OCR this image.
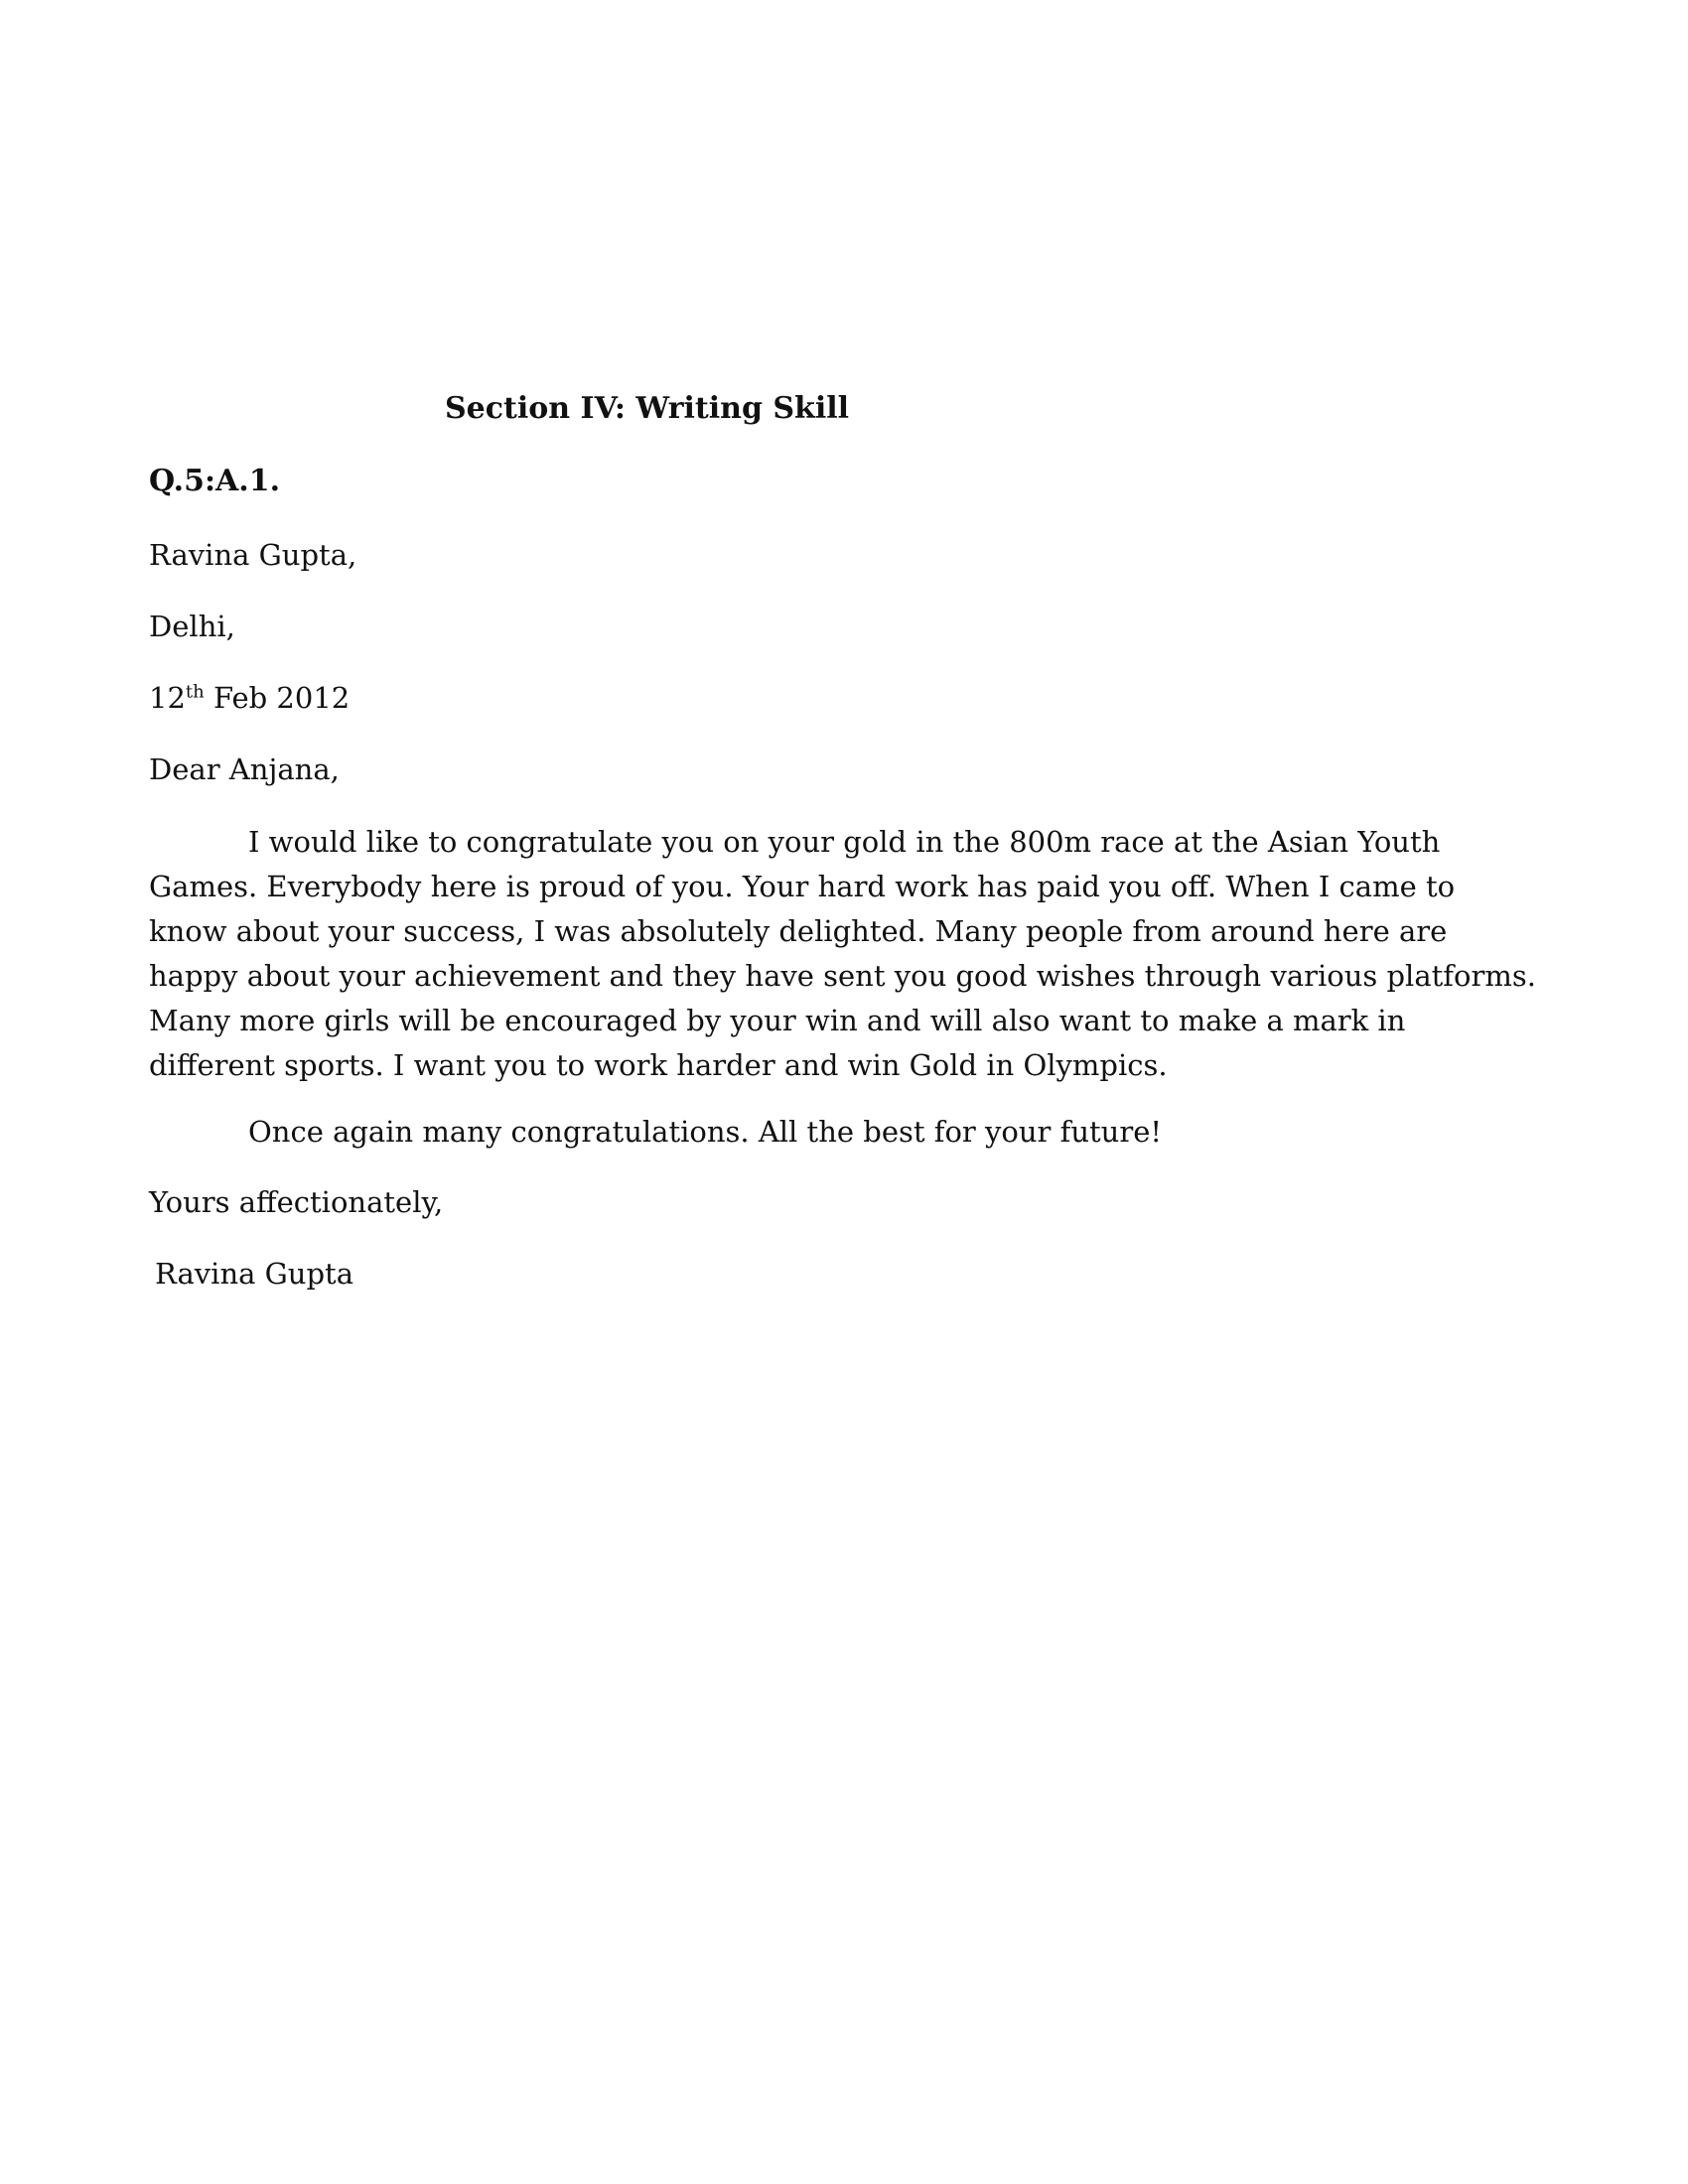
Section IV: Writing Skill
Q.5:A.1.
Ravina Gupta,
Delhi,
12th Feb 2012
Dear Anjana,
I would like to congratulate you on your gold in the 800m race at the Asian Youth Games. Everybody here is proud of you. Your hard work has paid you off. When I came to know about your success, I was absolutely delighted. Many people from around here are happy about your achievement and they have sent you good wishes through various platforms. Many more girls will be encouraged by your win and will also want to make a mark in different sports. I want you to work harder and win Gold in Olympics.
Once again many congratulations. All the best for your future!
Yours affectionately,
Ravina Gupta
